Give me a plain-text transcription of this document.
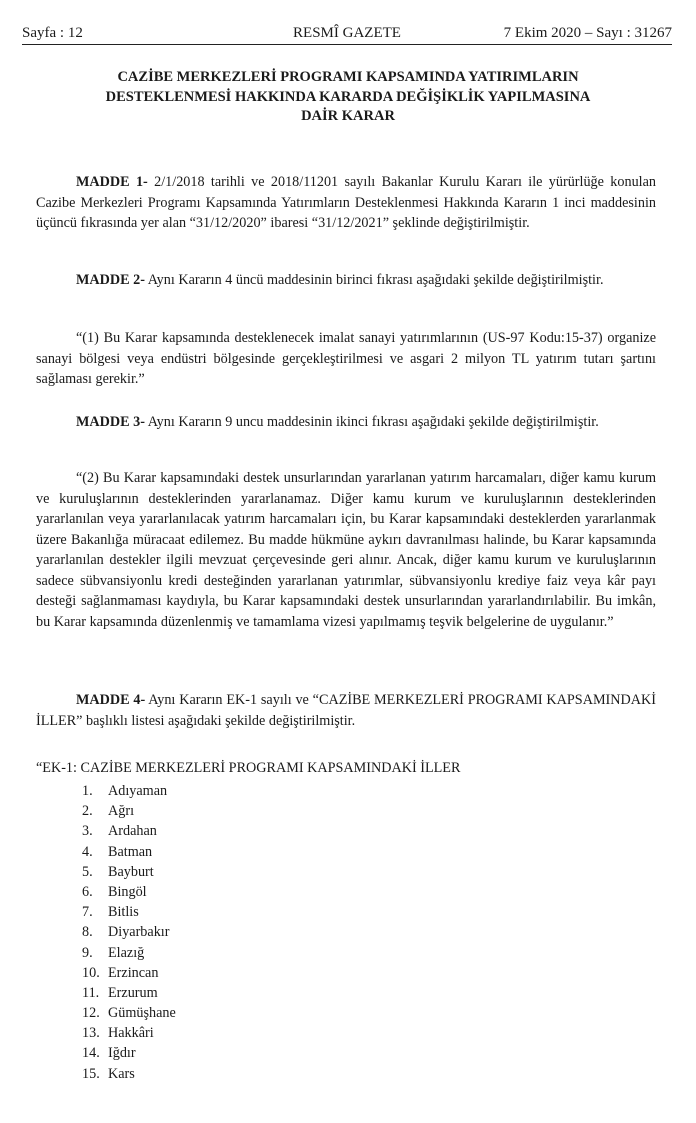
Sayfa : 12	RESMÎ GAZETE	7 Ekim 2020 – Sayı : 31267
CAZİBE MERKEZLERİ PROGRAMI KAPSAMINDA YATIRIMLARIN
DESTEKLENMESİ HAKKINDA KARARDA DEĞİŞİKLİK YAPILMASINA
DAİR KARAR
MADDE 1- 2/1/2018 tarihli ve 2018/11201 sayılı Bakanlar Kurulu Kararı ile yürürlüğe konulan Cazibe Merkezleri Programı Kapsamında Yatırımların Desteklenmesi Hakkında Kararın 1 inci maddesinin üçüncü fıkrasında yer alan “31/12/2020” ibaresi “31/12/2021” şeklinde değiştirilmiştir.
MADDE 2- Aynı Kararın 4 üncü maddesinin birinci fıkrası aşağıdaki şekilde değiştirilmiştir.
“(1) Bu Karar kapsamında desteklenecek imalat sanayi yatırımlarının (US-97 Kodu:15-37) organize sanayi bölgesi veya endüstri bölgesinde gerçekleştirilmesi ve asgari 2 milyon TL yatırım tutarı şartını sağlaması gerekir.”
MADDE 3- Aynı Kararın 9 uncu maddesinin ikinci fıkrası aşağıdaki şekilde değiştirilmiştir.
“(2) Bu Karar kapsamındaki destek unsurlarından yararlanan yatırım harcamaları, diğer kamu kurum ve kuruluşlarının desteklerinden yararlanamaz. Diğer kamu kurum ve kuruluşlarının desteklerinden yararlanılan veya yararlanılacak yatırım harcamaları için, bu Karar kapsamındaki desteklerden yararlanmak üzere Bakanlığa müracaat edilemez. Bu madde hükmüne aykırı davranılması halinde, bu Karar kapsamında yararlanılan destekler ilgili mevzuat çerçevesinde geri alınır. Ancak, diğer kamu kurum ve kuruluşlarının sadece sübvansiyonlu kredi desteğinden yararlanan yatırımlar, sübvansiyonlu krediye faiz veya kâr payı desteği sağlanmaması kaydıyla, bu Karar kapsamındaki destek unsurlarından yararlandırılabilir. Bu imkân, bu Karar kapsamında düzenlenmiş ve tamamlama vizesi yapılmamış teşvik belgelerine de uygulanır.”
MADDE 4- Aynı Kararın EK-1 sayılı ve “CAZİBE MERKEZLERİ PROGRAMI KAPSAMINDAKİ İLLER” başlıklı listesi aşağıdaki şekilde değiştirilmiştir.
“EK-1: CAZİBE MERKEZLERİ PROGRAMI KAPSAMINDAKİ İLLER
1. Adıyaman
2. Ağrı
3. Ardahan
4. Batman
5. Bayburt
6. Bingöl
7. Bitlis
8. Diyarbakır
9. Elazığ
10. Erzincan
11. Erzurum
12. Gümüşhane
13. Hakkâri
14. Iğdır
15. Kars
